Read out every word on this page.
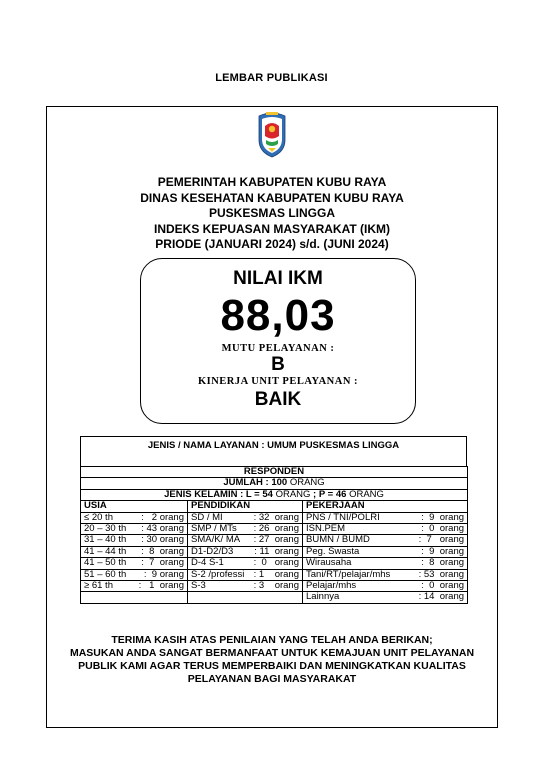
LEMBAR PUBLIKASI
PEMERINTAH KABUPATEN KUBU RAYA
DINAS KESEHATAN KABUPATEN KUBU RAYA
PUSKESMAS LINGGA
INDEKS KEPUASAN MASYARAKAT (IKM)
PRIODE (JANUARI 2024) s/d. (JUNI 2024)
NILAI IKM
88,03
MUTU PELAYANAN :
B
KINERJA UNIT PELAYANAN :
BAIK
JENIS / NAMA LAYANAN : UMUM PUSKESMAS LINGGA
RESPONDEN		
JUMLAH : 100 ORANG		
JENIS KELAMIN : L = 54 ORANG ; P = 46 ORANG		
USIA	PENDIDIKAN	PEKERJAAN

≤ 20 th :   2 orang	SD / MI : 32  orang	PNS / TNI/POLRI :  9  orang

20 – 30 th : 43 orang	SMP / MTs : 26  orang	ISN.PEM :  0  orang

31 – 40 th : 30 orang	SMA/K/ MA : 27  orang	BUMN / BUMD :  7   orang

41 – 44 th :  8  orang	D1-D2/D3 : 11  orang	Peg. Swasta :  9  orang

41 – 50 th :  7  orang	D-4 S-1 :  0   orang	Wirausaha :  8  orang

51 – 60 th :  9 orang	S-2 /professi : 1    orang	Tani/RT/pelajar/mhs : 53  orang

≥ 61 th :   1  orang	S-3 : 3    orang	Pelajar/mhs :  0  orang

		Lainnya : 14  orang
TERIMA KASIH ATAS PENILAIAN YANG TELAH ANDA BERIKAN;
MASUKAN ANDA SANGAT BERMANFAAT UNTUK KEMAJUAN UNIT PELAYANAN
PUBLIK KAMI AGAR TERUS MEMPERBAIKI DAN MENINGKATKAN KUALITAS
PELAYANAN BAGI MASYARAKAT
